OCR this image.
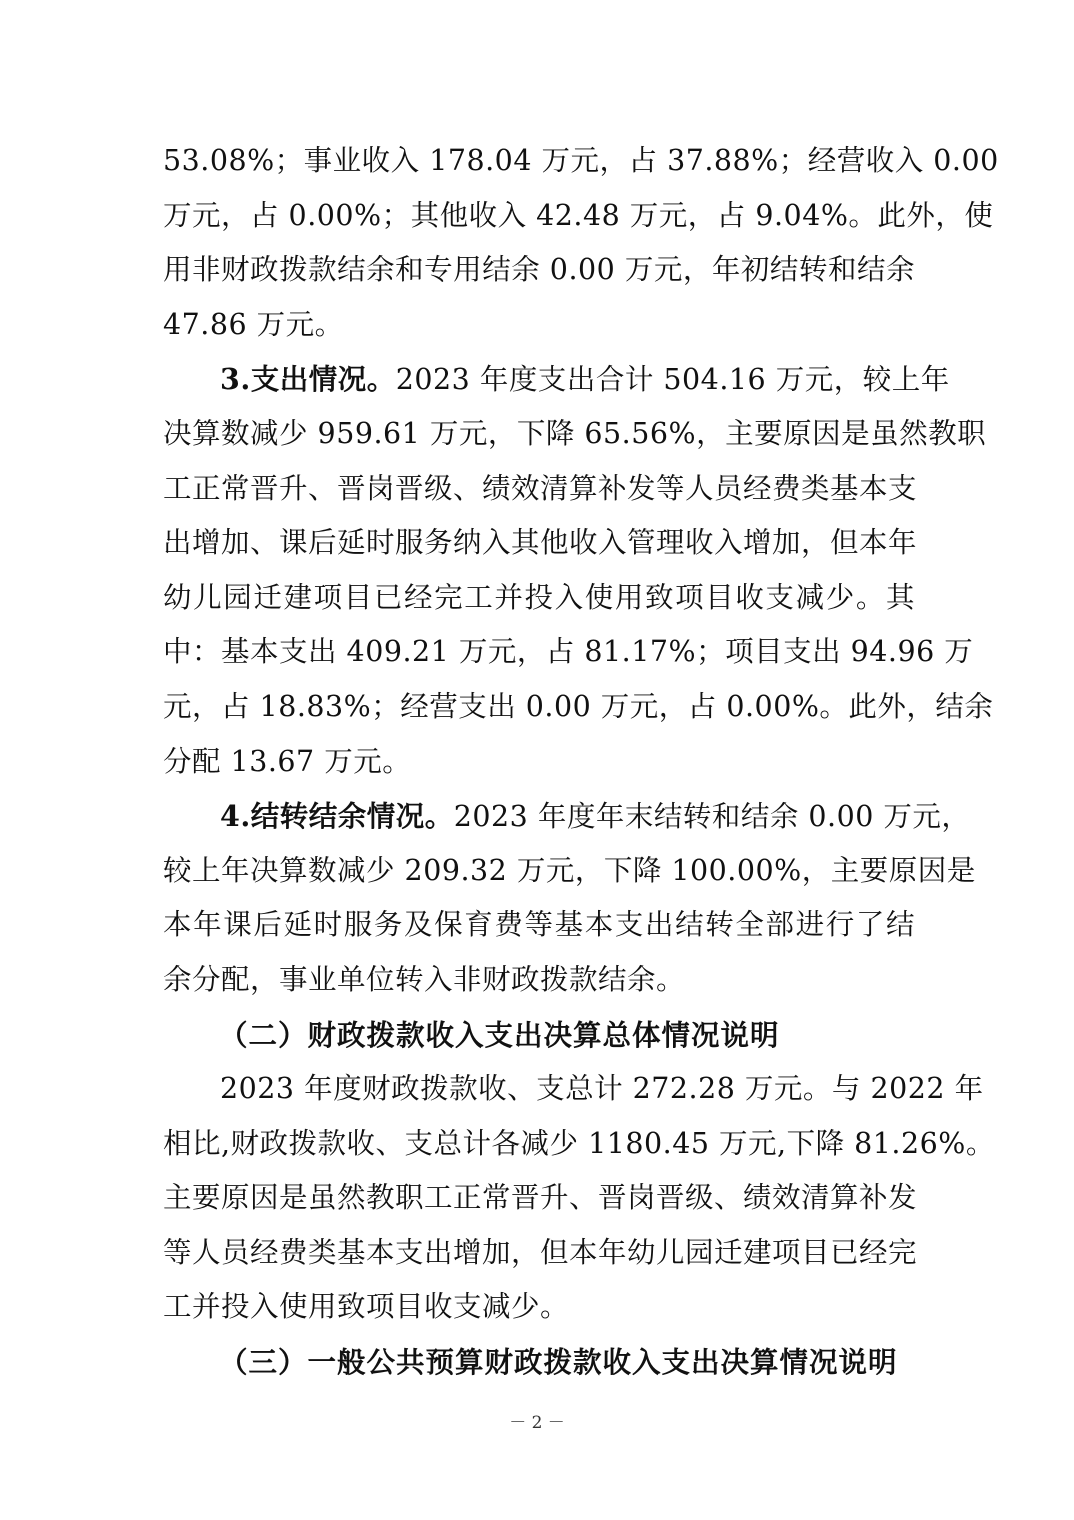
53.08%；事业收入 178.04 万元，占 37.88%；经营收入 0.00
万元，占 0.00%；其他收入 42.48 万元，占 9.04%。此外，使
用非财政拨款结余和专用结余 0.00 万元，年初结转和结余
47.86 万元。
3.支出情况。2023 年度支出合计 504.16 万元，较上年
决算数减少 959.61 万元，下降 65.56%，主要原因是虽然教职
工正常晋升、晋岗晋级、绩效清算补发等人员经费类基本支
出增加、课后延时服务纳入其他收入管理收入增加，但本年
幼儿园迁建项目已经完工并投入使用致项目收支减少。其
中：基本支出 409.21 万元，占 81.17%；项目支出 94.96 万
元，占 18.83%；经营支出 0.00 万元，占 0.00%。此外，结余
分配 13.67 万元。
4.结转结余情况。2023 年度年末结转和结余 0.00 万元，
较上年决算数减少 209.32 万元，下降 100.00%，主要原因是
本年课后延时服务及保育费等基本支出结转全部进行了结
余分配，事业单位转入非财政拨款结余。
（二）财政拨款收入支出决算总体情况说明
2023 年度财政拨款收、支总计 272.28 万元。与 2022 年
相比,财政拨款收、支总计各减少 1180.45 万元,下降 81.26%。
主要原因是虽然教职工正常晋升、晋岗晋级、绩效清算补发
等人员经费类基本支出增加，但本年幼儿园迁建项目已经完
工并投入使用致项目收支减少。
（三）一般公共预算财政拨款收入支出决算情况说明
－ 2 －
